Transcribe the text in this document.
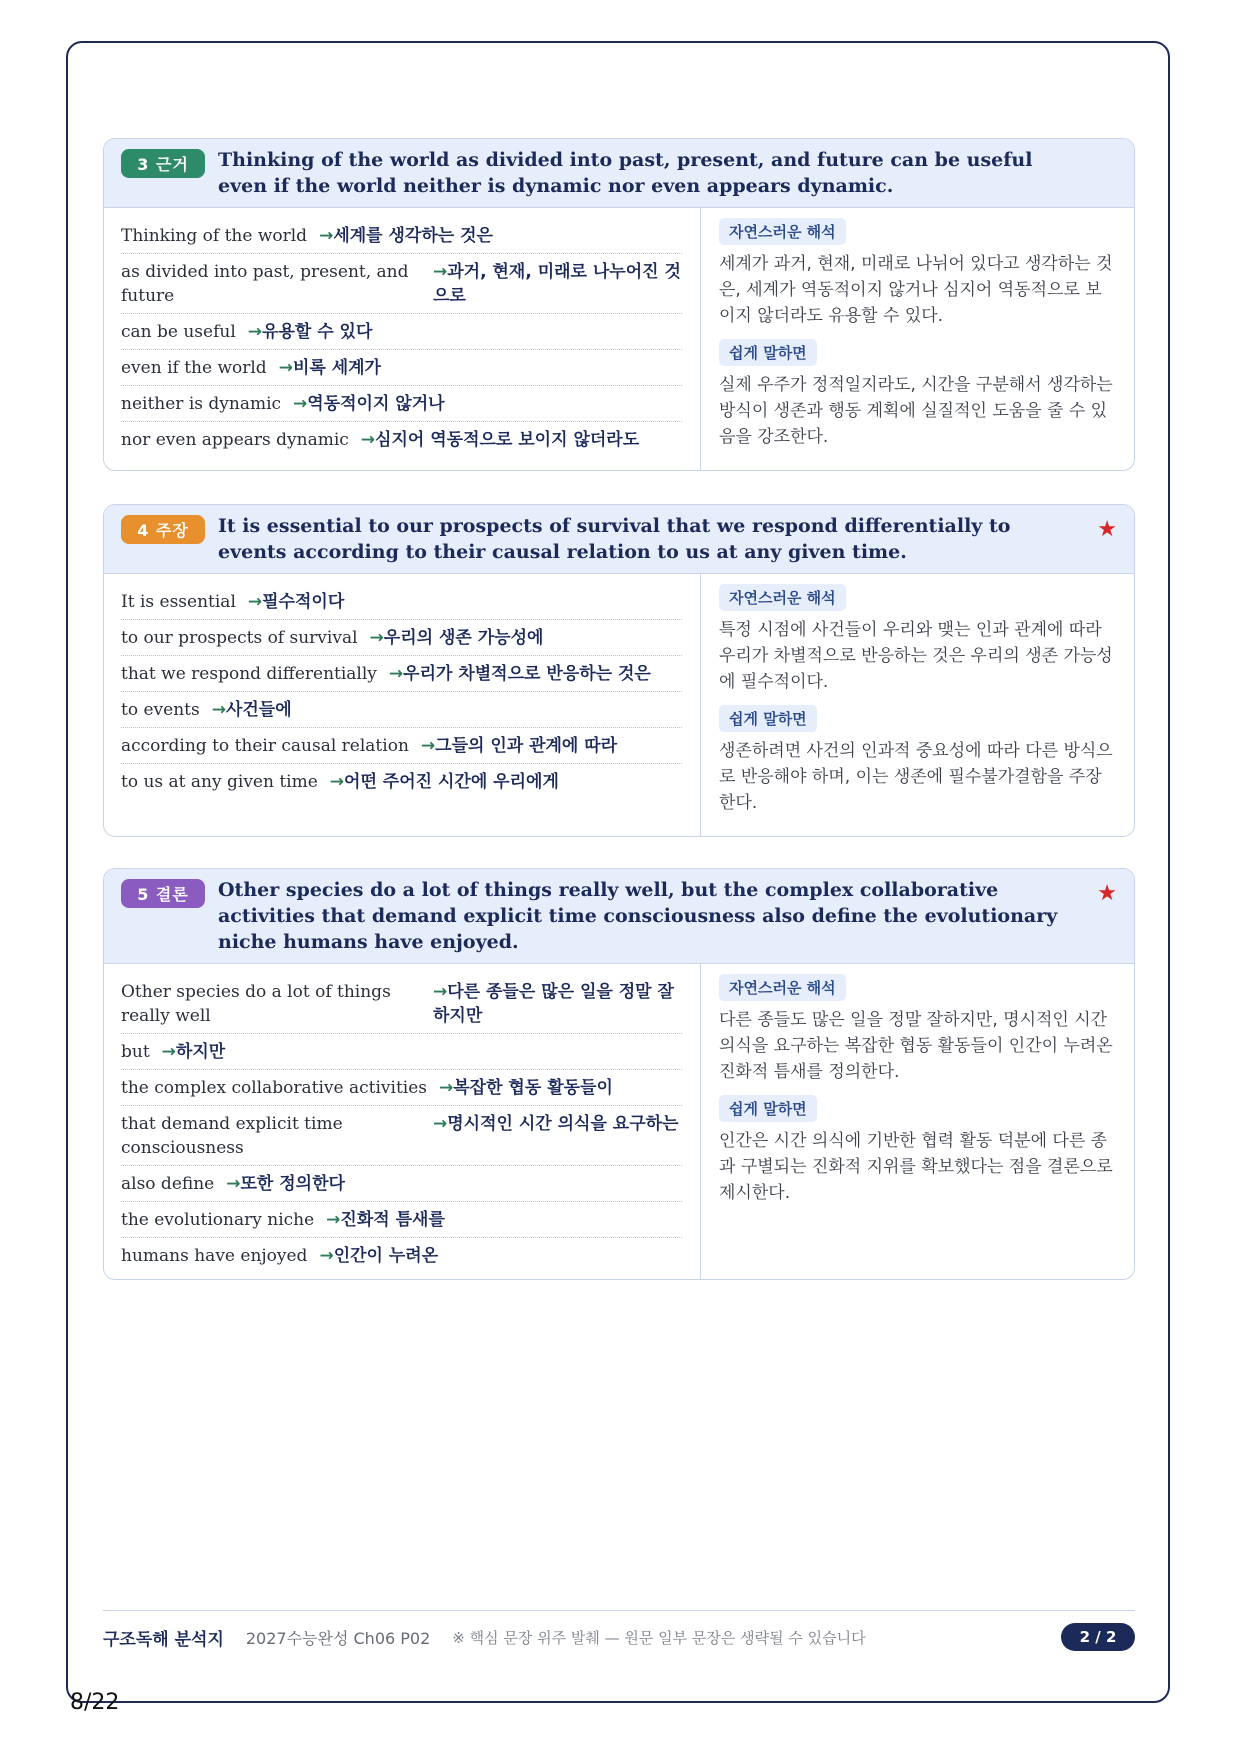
3 근거	Thinking of the world as divided into past, present, and future can be useful even if the world neither is dynamic nor even appears dynamic.
Thinking of the world →세계를 생각하는 것은
as divided into past, present, and future
→과거, 현재, 미래로 나누어진 것으로
can be useful →유용할 수 있다
even if the world →비록 세계가
neither is dynamic →역동적이지 않거나
nor even appears dynamic →심지어 역동적으로 보이지 않더라도
자연스러운 해석

세계가 과거, 현재, 미래로 나뉘어 있다고 생각하는 것은, 세계가 역동적이지 않거나 심지어 역동적으로 보이지 않더라도 유용할 수 있다.

쉽게 말하면

실제 우주가 정적일지라도, 시간을 구분해서 생각하는 방식이 생존과 행동 계획에 실질적인 도움을 줄 수 있음을 강조한다.

4 주장	It is essential to our prospects of survival that we respond differentially to events according to their causal relation to us at any given time.
★
It is essential →필수적이다
to our prospects of survival →우리의 생존 가능성에
that we respond differentially →우리가 차별적으로 반응하는 것은
to events →사건들에
according to their causal relation →그들의 인과 관계에 따라
to us at any given time →어떤 주어진 시간에 우리에게
자연스러운 해석

특정 시점에 사건들이 우리와 맺는 인과 관계에 따라 우리가 차별적으로 반응하는 것은 우리의 생존 가능성에 필수적이다.

쉽게 말하면

생존하려면 사건의 인과적 중요성에 따라 다른 방식으로 반응해야 하며, 이는 생존에 필수불가결함을 주장한다.

5 결론	Other species do a lot of things really well, but the complex collaborative activities that demand explicit time consciousness also define the evolutionary niche humans have enjoyed.
★
Other species do a lot of things really well
→다른 종들은 많은 일을 정말 잘하지만
but →하지만
the complex collaborative activities →복잡한 협동 활동들이
that demand explicit time consciousness
→명시적인 시간 의식을 요구하는
also define →또한 정의한다
the evolutionary niche →진화적 틈새를
humans have enjoyed →인간이 누려온
자연스러운 해석

다른 종들도 많은 일을 정말 잘하지만, 명시적인 시간 의식을 요구하는 복잡한 협동 활동들이 인간이 누려온 진화적 틈새를 정의한다.

쉽게 말하면

인간은 시간 의식에 기반한 협력 활동 덕분에 다른 종과 구별되는 진화적 지위를 확보했다는 점을 결론으로 제시한다.

구조독해 분석지 2027수능완성 Ch06 P02 ※ 핵심 문장 위주 발췌 — 원문 일부 문장은 생략될 수 있습니다	2 / 2
8/22
